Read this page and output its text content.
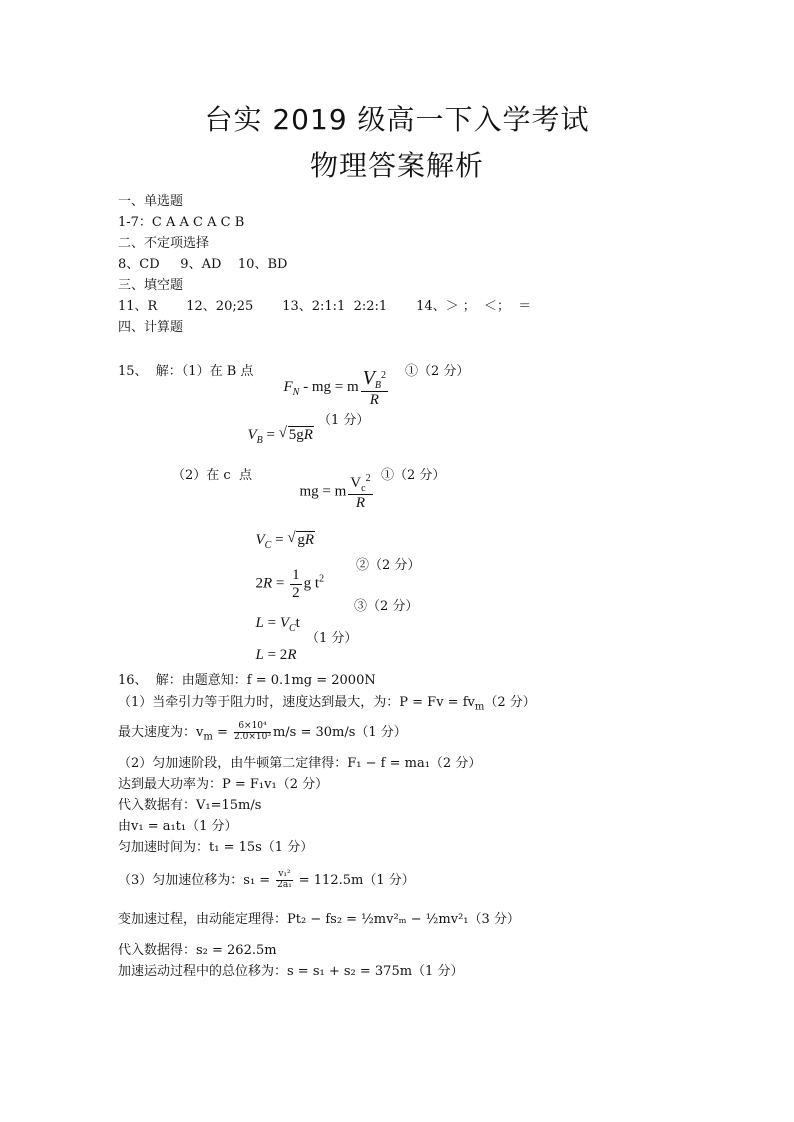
台实 2019 级高一下入学考试
物理答案解析
一、单选题
1-7：C A A C A C B
二、不定项选择
8、CD     9、AD    10、BD
三、填空题
11、R       12、20;25       13、2:1:1  2:2:1       14、＞ ；  ＜；  ＝
四、计算题
15、  解：（1）在 B 点

$F_N$ - mg = m $\frac{V_B^2}{R}$ ①（2 分）

$V_B$ = √ 5gR

（1 分）
（2）在 c  点

mg = m $\frac{V_c^2}{R}$ ①（2 分）

$V_C$ = √ gR

$2R = \frac{1}{2}$ g $t^2$

②（2 分）

$L = V_Ct$

③（2 分）

L = 2R

（1 分）
16、  解：由题意知：f = 0.1mg = 2000N
（1）当牵引力等于阻力时，速度达到最大，为：$P = Fv = fv_m(2$ 分）
最大速度为：$v_m = \frac{\text{6×10⁴}}{\text{2.0×10³}} m/s = 30m/s(1$ 分）
（2）匀加速阶段，由牛顿第二定律得：F₁ − f = ma₁（2 分）
达到最大功率为：P = F₁v₁（2 分）
代入数据有：V₁=15m/s
由v₁ = a₁t₁（1 分）
匀加速时间为：t₁ = 15s（1 分）
（3）匀加速位移为：$s_1 = \frac{\text{v₁²}}{\text{2a₁}} = 112.5m(1$ 分）
变加速过程，由动能定理得：Pt₂ − fs₂ = ½mv²ₘ − ½mv²₁（3 分）
代入数据得：s₂ = 262.5m
加速运动过程中的总位移为：s = s₁ + s₂ = 375m（1 分）
